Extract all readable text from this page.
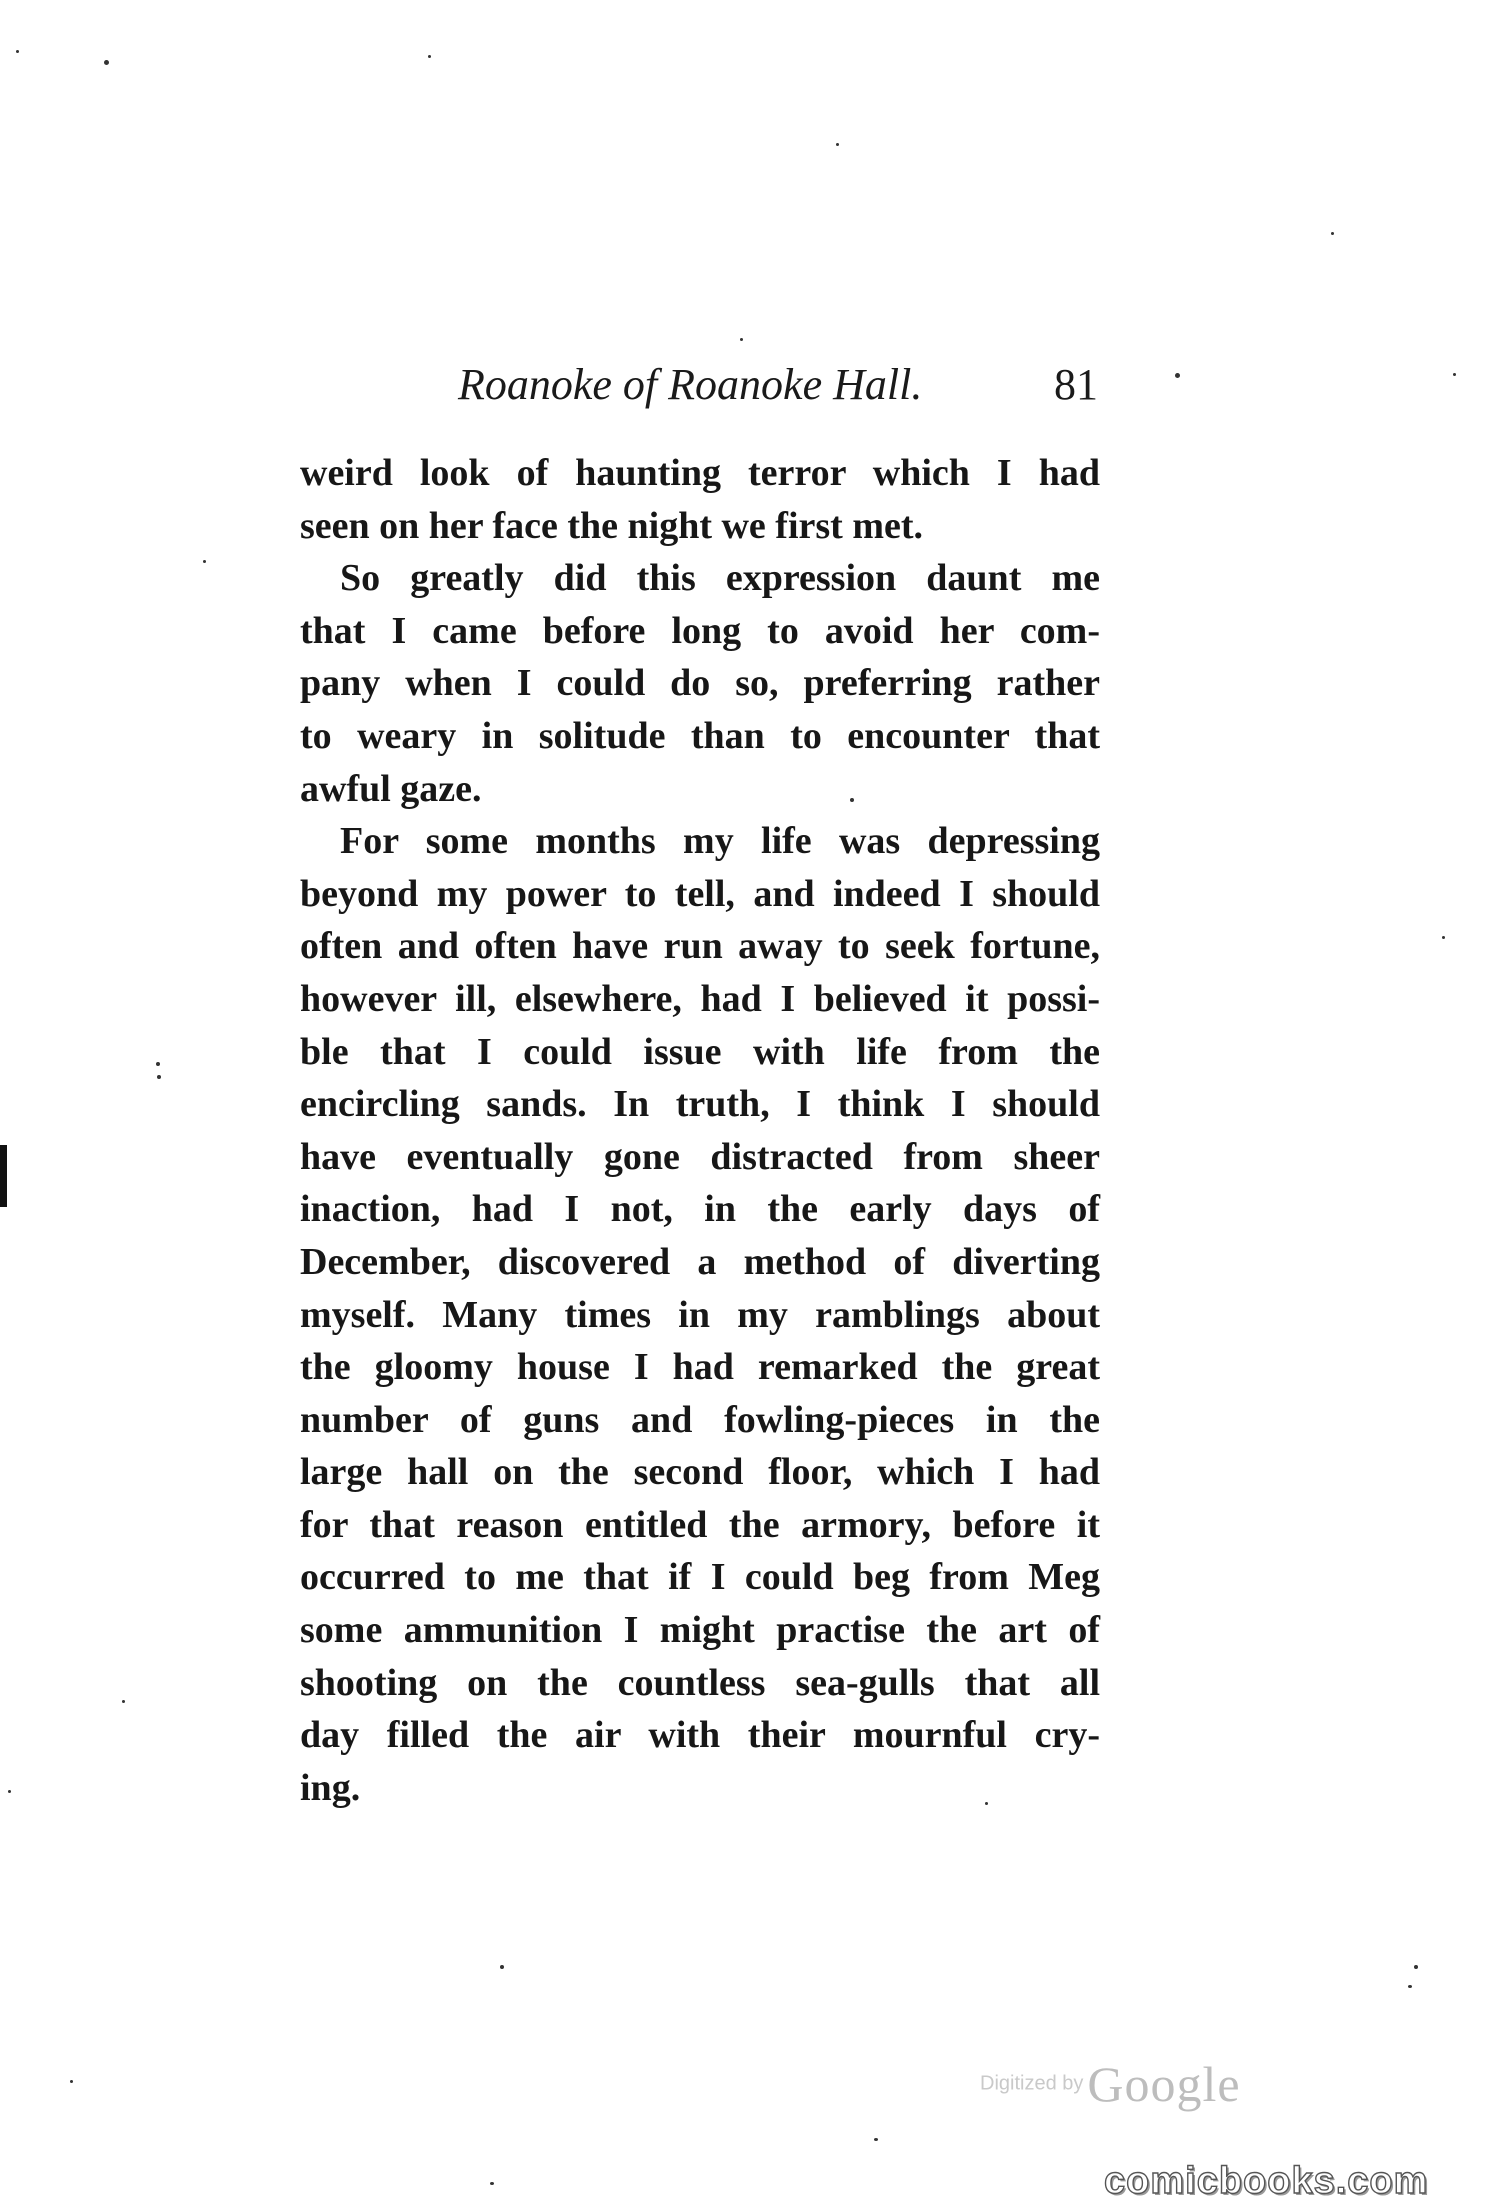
Roanoke of Roanoke Hall.	81
weird look of haunting terror which I had
seen on her face the night we first met.
So greatly did this expression daunt me
that I came before long to avoid her com-
pany when I could do so, preferring rather
to weary in solitude than to encounter that
awful gaze.
For some months my life was depressing
beyond my power to tell, and indeed I should
often and often have run away to seek fortune,
however ill, elsewhere, had I believed it possi-
ble that I could issue with life from the
encircling sands. In truth, I think I should
have eventually gone distracted from sheer
inaction, had I not, in the early days of
December, discovered a method of diverting
myself. Many times in my ramblings about
the gloomy house I had remarked the great
number of guns and fowling-pieces in the
large hall on the second floor, which I had
for that reason entitled the armory, before it
occurred to me that if I could beg from Meg
some ammunition I might practise the art of
shooting on the countless sea-gulls that all
day filled the air with their mournful cry-
ing.
Digitized by Google
comicbooks.com
